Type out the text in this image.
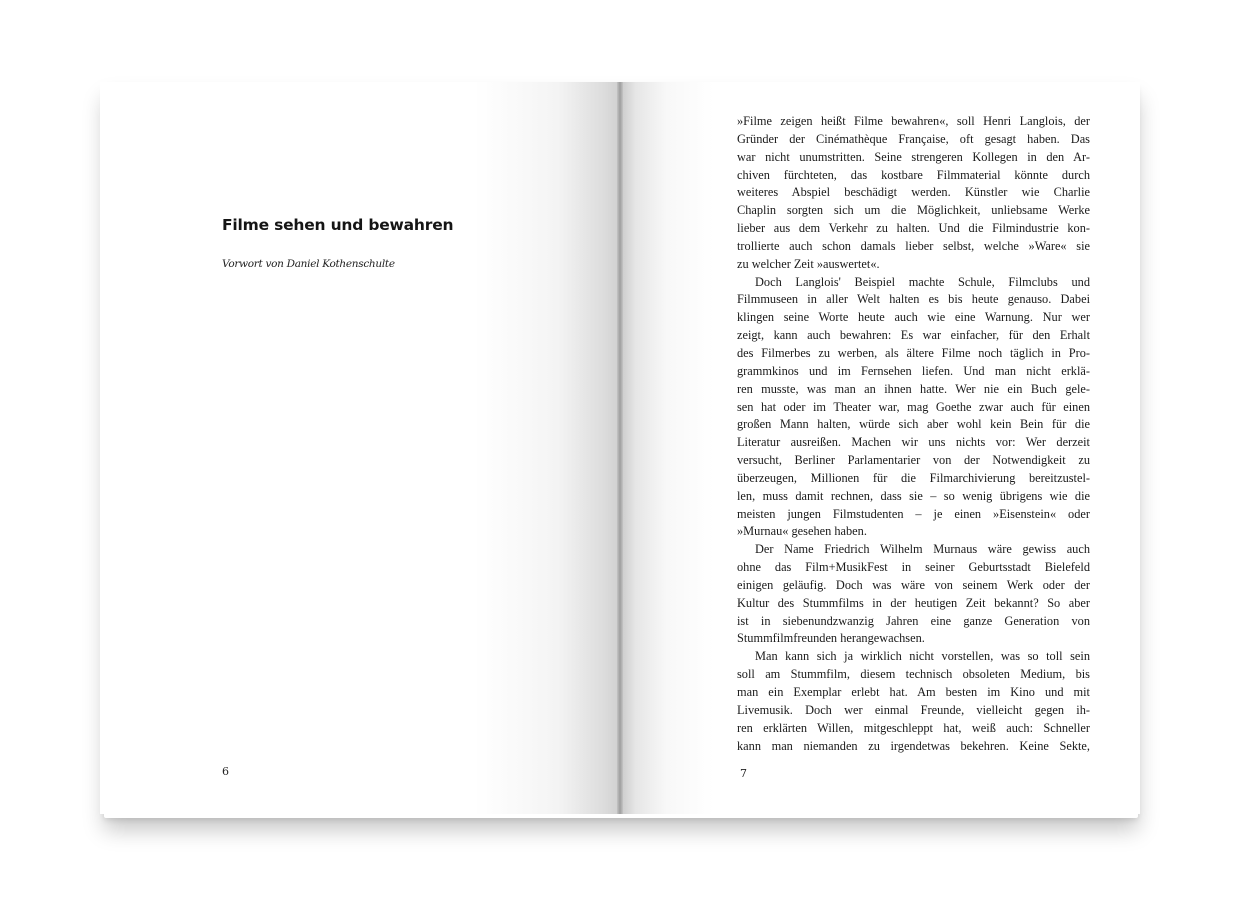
Filme sehen und bewahren

Vorwort von Daniel Kothenschulte

6

»Filme zeigen heißt Filme bewahren«, soll Henri Langlois, der
Gründer der Cinémathèque Française, oft gesagt haben. Das
war nicht unumstritten. Seine strengeren Kollegen in den Ar-
chiven fürchteten, das kostbare Filmmaterial könnte durch
weiteres Abspiel beschädigt werden. Künstler wie Charlie
Chaplin sorgten sich um die Möglichkeit, unliebsame Werke
lieber aus dem Verkehr zu halten. Und die Filmindustrie kon-
trollierte auch schon damals lieber selbst, welche »Ware« sie
zu welcher Zeit »auswertet«.
Doch Langlois' Beispiel machte Schule, Filmclubs und
Filmmuseen in aller Welt halten es bis heute genauso. Dabei
klingen seine Worte heute auch wie eine Warnung. Nur wer
zeigt, kann auch bewahren: Es war einfacher, für den Erhalt
des Filmerbes zu werben, als ältere Filme noch täglich in Pro-
grammkinos und im Fernsehen liefen. Und man nicht erklä-
ren musste, was man an ihnen hatte. Wer nie ein Buch gele-
sen hat oder im Theater war, mag Goethe zwar auch für einen
großen Mann halten, würde sich aber wohl kein Bein für die
Literatur ausreißen. Machen wir uns nichts vor: Wer derzeit
versucht, Berliner Parlamentarier von der Notwendigkeit zu
überzeugen, Millionen für die Filmarchivierung bereitzustel-
len, muss damit rechnen, dass sie – so wenig übrigens wie die
meisten jungen Filmstudenten – je einen »Eisenstein« oder
»Murnau« gesehen haben.
Der Name Friedrich Wilhelm Murnaus wäre gewiss auch
ohne das Film+MusikFest in seiner Geburtsstadt Bielefeld
einigen geläufig. Doch was wäre von seinem Werk oder der
Kultur des Stummfilms in der heutigen Zeit bekannt? So aber
ist in siebenundzwanzig Jahren eine ganze Generation von
Stummfilmfreunden herangewachsen.
Man kann sich ja wirklich nicht vorstellen, was so toll sein
soll am Stummfilm, diesem technisch obsoleten Medium, bis
man ein Exemplar erlebt hat. Am besten im Kino und mit
Livemusik. Doch wer einmal Freunde, vielleicht gegen ih-
ren erklärten Willen, mitgeschleppt hat, weiß auch: Schneller
kann man niemanden zu irgendetwas bekehren. Keine Sekte,

7
